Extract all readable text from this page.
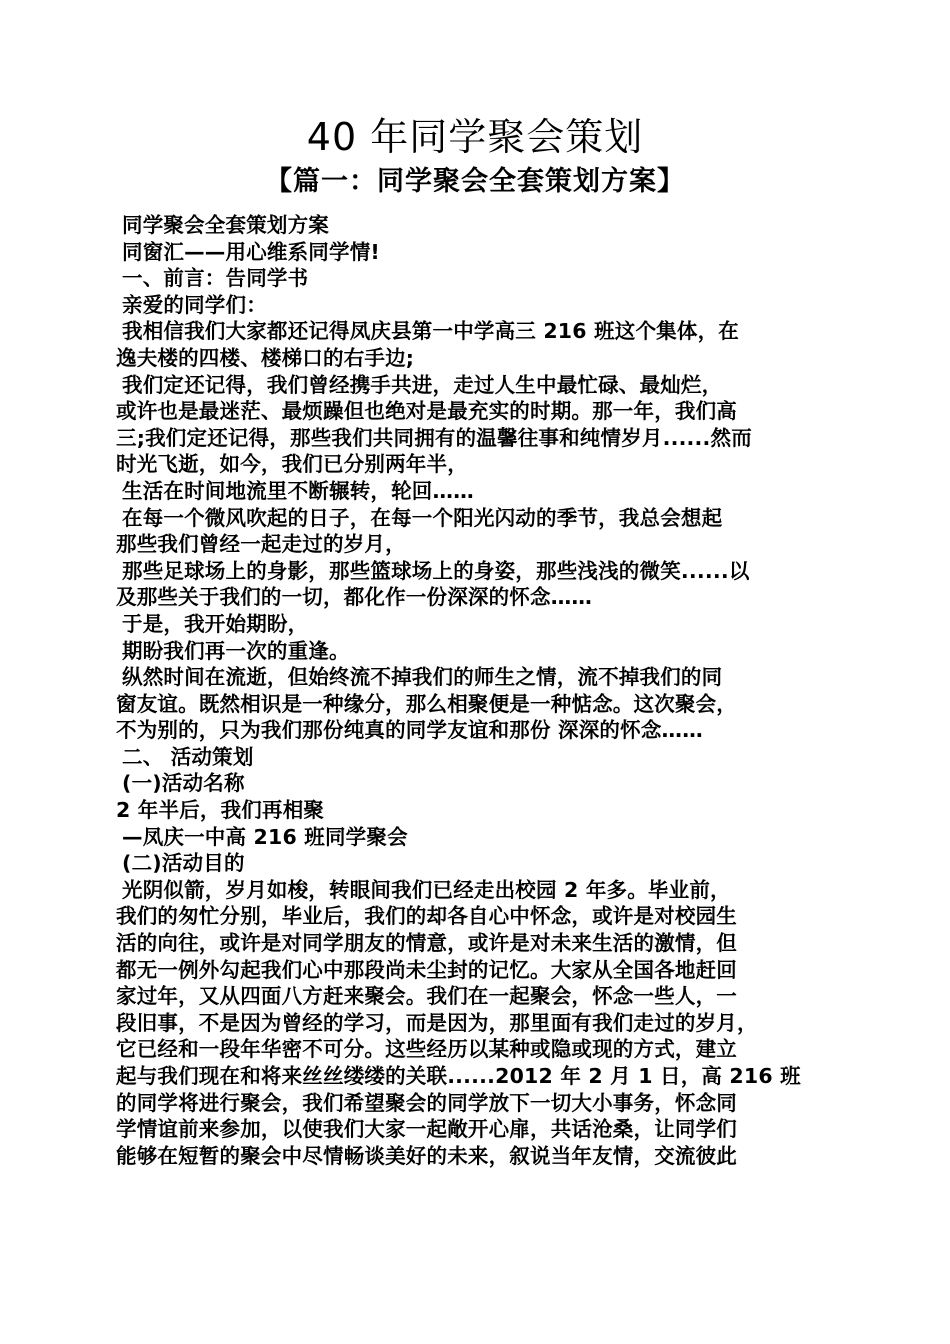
40 年同学聚会策划
【篇一：同学聚会全套策划方案】
同学聚会全套策划方案
同窗汇——用心维系同学情!
一、前言：告同学书
亲爱的同学们：
我相信我们大家都还记得凤庆县第一中学高三 216 班这个集体，在
逸夫楼的四楼、楼梯口的右手边;
我们定还记得，我们曾经携手共进，走过人生中最忙碌、最灿烂，
或许也是最迷茫、最烦躁但也绝对是最充实的时期。那一年，我们高
三;我们定还记得，那些我们共同拥有的温馨往事和纯情岁月......然而
时光飞逝，如今，我们已分别两年半，
生活在时间地流里不断辗转，轮回……
在每一个微风吹起的日子，在每一个阳光闪动的季节，我总会想起
那些我们曾经一起走过的岁月，
那些足球场上的身影，那些篮球场上的身姿，那些浅浅的微笑......以
及那些关于我们的一切，都化作一份深深的怀念……
于是，我开始期盼，
期盼我们再一次的重逢。
纵然时间在流逝，但始终流不掉我们的师生之情，流不掉我们的同
窗友谊。既然相识是一种缘分，那么相聚便是一种惦念。这次聚会，
不为别的，只为我们那份纯真的同学友谊和那份 深深的怀念……
二、 活动策划
(一)活动名称
2 年半后，我们再相聚
—凤庆一中高 216 班同学聚会
(二)活动目的
光阴似箭，岁月如梭，转眼间我们已经走出校园 2 年多。毕业前，
我们的匆忙分别，毕业后，我们的却各自心中怀念，或许是对校园生
活的向往，或许是对同学朋友的情意，或许是对未来生活的激情，但
都无一例外勾起我们心中那段尚未尘封的记忆。大家从全国各地赶回
家过年，又从四面八方赶来聚会。我们在一起聚会，怀念一些人，一
段旧事，不是因为曾经的学习，而是因为，那里面有我们走过的岁月，
它已经和一段年华密不可分。这些经历以某种或隐或现的方式，建立
起与我们现在和将来丝丝缕缕的关联......2012 年 2 月 1 日，高 216 班
的同学将进行聚会，我们希望聚会的同学放下一切大小事务，怀念同
学情谊前来参加，以使我们大家一起敞开心扉，共话沧桑，让同学们
能够在短暂的聚会中尽情畅谈美好的未来，叙说当年友情，交流彼此
